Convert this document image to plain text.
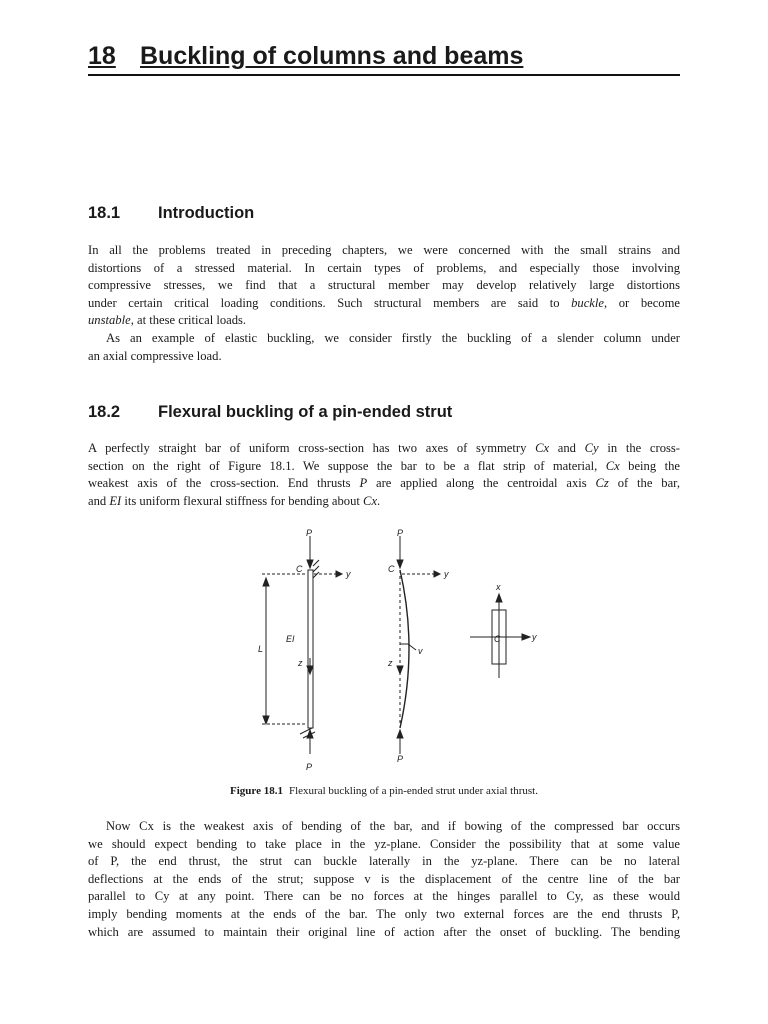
18 Buckling of columns and beams
18.1 Introduction
In all the problems treated in preceding chapters, we were concerned with the small strains and
distortions of a stressed material. In certain types of problems, and especially those involving
compressive stresses, we find that a structural member may develop relatively large distortions
under certain critical loading conditions. Such structural members are said to buckle, or become
unstable, at these critical loads.
As an example of elastic buckling, we consider firstly the buckling of a slender column under
an axial compressive load.
18.2 Flexural buckling of a pin-ended strut
A perfectly straight bar of uniform cross-section has two axes of symmetry Cx and Cy in the cross-
section on the right of Figure 18.1. We suppose the bar to be a flat strip of material, Cx being the
weakest axis of the cross-section. End thrusts P are applied along the centroidal axis Cz of the bar,
and EI its uniform flexural stiffness for bending about Cx.
P	P
C	y	C	y
x
L
EI
z	z
v
y
C
P
P
Figure 18.1 Flexural buckling of a pin-ended strut under axial thrust.
Now Cx is the weakest axis of bending of the bar, and if bowing of the compressed bar occurs
we should expect bending to take place in the yz-plane. Consider the possibility that at some value
of P, the end thrust, the strut can buckle laterally in the yz-plane. There can be no lateral
deflections at the ends of the strut; suppose v is the displacement of the centre line of the bar
parallel to Cy at any point. There can be no forces at the hinges parallel to Cy, as these would
imply bending moments at the ends of the bar. The only two external forces are the end thrusts P,
which are assumed to maintain their original line of action after the onset of buckling. The bending
